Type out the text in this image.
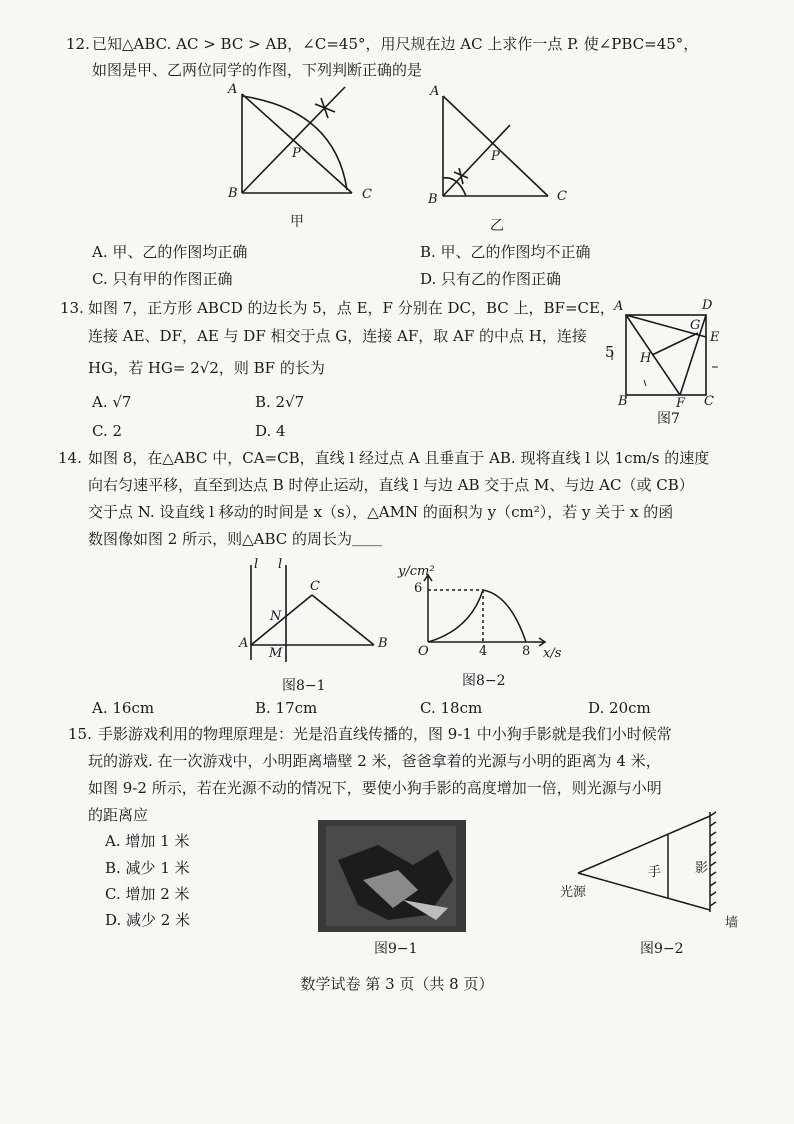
12. 已知△ABC. AC > BC > AB，∠C=45°，用尺规在边 AC 上求作一点 P. 使∠PBC=45°，
如图是甲、乙两位同学的作图，下列判断正确的是
A
B	C
P
甲
A
B	C
P
乙
A. 甲、乙的作图均正确	B. 甲、乙的作图均不正确
C. 只有甲的作图正确	D. 只有乙的作图正确
13. 如图 7，正方形 ABCD 的边长为 5，点 E，F 分别在 DC，BC 上，BF=CE，
连接 AE、DF，AE 与 DF 相交于点 G，连接 AF，取 AF 的中点 H，连接
HG，若 HG= 2√2，则 BF 的长为
A	D
G
E
H
B	F C
5
图7
A. √7	B. 2√7
C. 2	D. 4
14. 如图 8，在△ABC 中，CA=CB，直线 l 经过点 A 且垂直于 AB. 现将直线 l 以 1cm/s 的速度
向右匀速平移，直至到达点 B 时停止运动，直线 l 与边 AB 交于点 M、与边 AC（或 CB）
交于点 N. 设直线 l 移动的时间是 x（s），△AMN 的面积为 y（cm²），若 y 关于 x 的函
数图像如图 2 所示，则△ABC 的周长为＿＿
l l
C
N
A
M
B
图8−1
y/cm²
6
O	4	8 x/s
图8−2
A. 16cm	B. 17cm	C. 18cm	D. 20cm
15. 手影游戏利用的物理原理是：光是沿直线传播的，图 9-1 中小狗手影就是我们小时候常
玩的游戏. 在一次游戏中，小明距离墙壁 2 米，爸爸拿着的光源与小明的距离为 4 米，
如图 9-2 所示，若在光源不动的情况下，要使小狗手影的高度增加一倍，则光源与小明
的距离应
A. 增加 1 米
B. 减少 1 米
C. 增加 2 米
D. 减少 2 米
图9−1
光源
手	影
墙
图9−2
数学试卷 第 3 页（共 8 页）
